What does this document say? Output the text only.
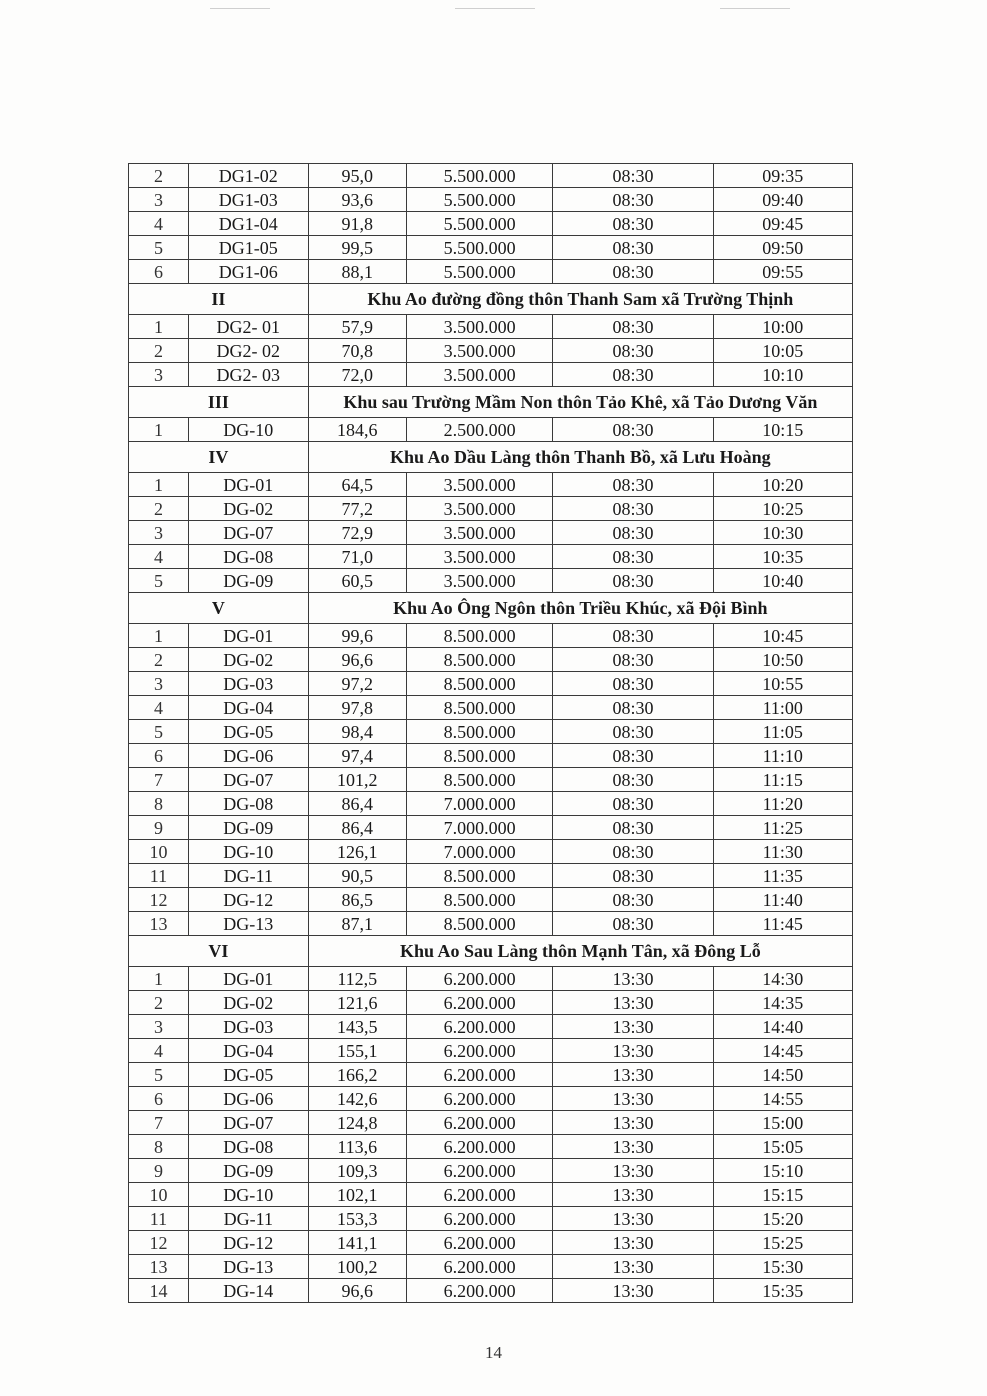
2	DG1-02	95,0	5.500.000	08:30	09:35
3	DG1-03	93,6	5.500.000	08:30	09:40
4	DG1-04	91,8	5.500.000	08:30	09:45
5	DG1-05	99,5	5.500.000	08:30	09:50
6	DG1-06	88,1	5.500.000	08:30	09:55
II		Khu Ao đường đồng thôn Thanh Sam xã Trường Thịnh			
1	DG2- 01	57,9	3.500.000	08:30	10:00
2	DG2- 02	70,8	3.500.000	08:30	10:05
3	DG2- 03	72,0	3.500.000	08:30	10:10
III		Khu sau Trường Mầm Non thôn Tảo Khê, xã Tảo Dương Văn			
1	DG-10	184,6	2.500.000	08:30	10:15
IV		Khu Ao Dầu Làng thôn Thanh Bồ, xã Lưu Hoàng			
1	DG-01	64,5	3.500.000	08:30	10:20
2	DG-02	77,2	3.500.000	08:30	10:25
3	DG-07	72,9	3.500.000	08:30	10:30
4	DG-08	71,0	3.500.000	08:30	10:35
5	DG-09	60,5	3.500.000	08:30	10:40
V		Khu Ao Ông Ngôn thôn Triều Khúc, xã Đội Bình			
1	DG-01	99,6	8.500.000	08:30	10:45
2	DG-02	96,6	8.500.000	08:30	10:50
3	DG-03	97,2	8.500.000	08:30	10:55
4	DG-04	97,8	8.500.000	08:30	11:00
5	DG-05	98,4	8.500.000	08:30	11:05
6	DG-06	97,4	8.500.000	08:30	11:10
7	DG-07	101,2	8.500.000	08:30	11:15
8	DG-08	86,4	7.000.000	08:30	11:20
9	DG-09	86,4	7.000.000	08:30	11:25
10	DG-10	126,1	7.000.000	08:30	11:30
11	DG-11	90,5	8.500.000	08:30	11:35
12	DG-12	86,5	8.500.000	08:30	11:40
13	DG-13	87,1	8.500.000	08:30	11:45
VI		Khu Ao Sau Làng thôn Mạnh Tân, xã Đông Lỗ			
1	DG-01	112,5	6.200.000	13:30	14:30
2	DG-02	121,6	6.200.000	13:30	14:35
3	DG-03	143,5	6.200.000	13:30	14:40
4	DG-04	155,1	6.200.000	13:30	14:45
5	DG-05	166,2	6.200.000	13:30	14:50
6	DG-06	142,6	6.200.000	13:30	14:55
7	DG-07	124,8	6.200.000	13:30	15:00
8	DG-08	113,6	6.200.000	13:30	15:05
9	DG-09	109,3	6.200.000	13:30	15:10
10	DG-10	102,1	6.200.000	13:30	15:15
11	DG-11	153,3	6.200.000	13:30	15:20
12	DG-12	141,1	6.200.000	13:30	15:25
13	DG-13	100,2	6.200.000	13:30	15:30
14	DG-14	96,6	6.200.000	13:30	15:35
14
